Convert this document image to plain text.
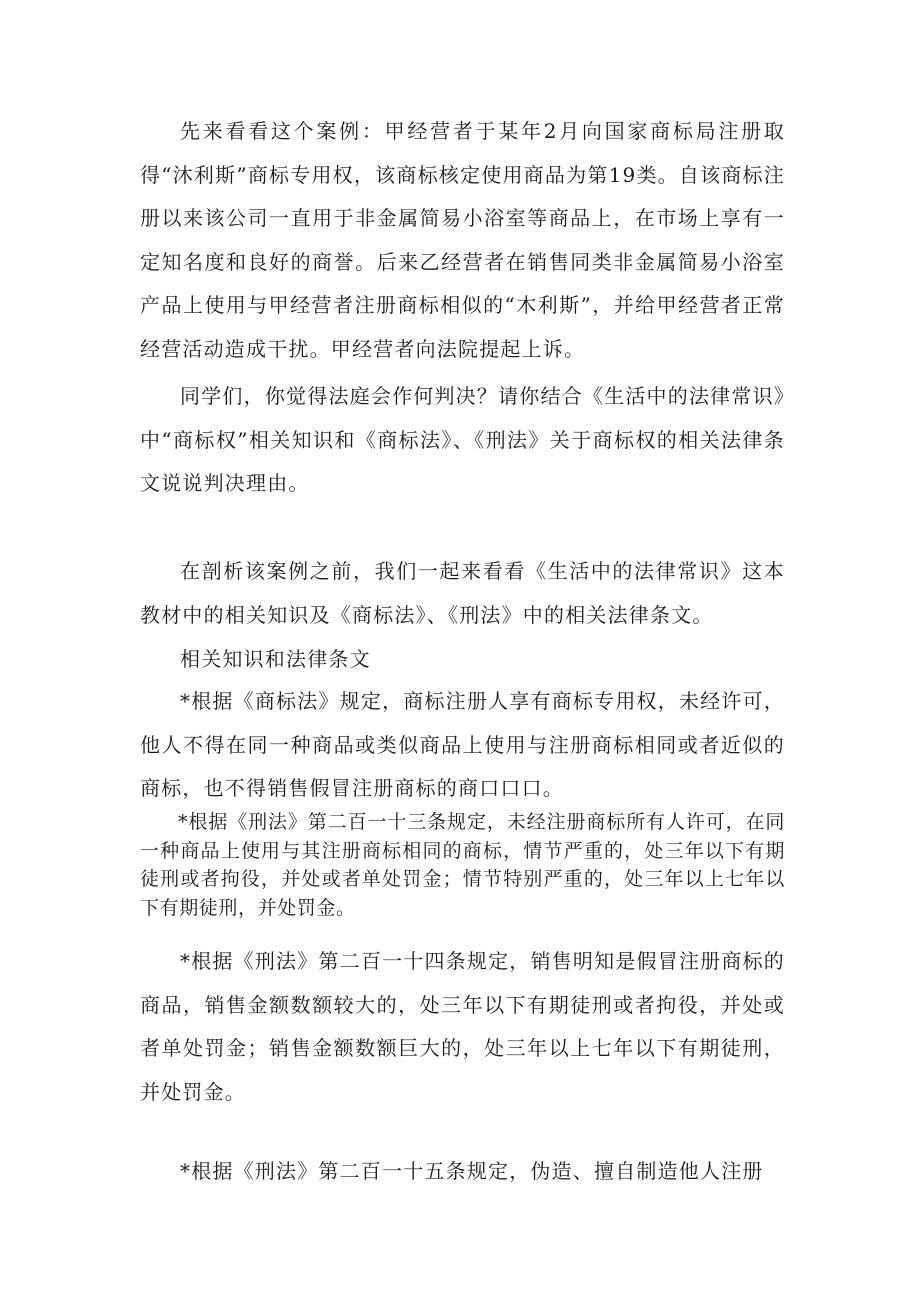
先来看看这个案例：甲经营者于某年2月向国家商标局注册取得“沐利斯”商标专用权，该商标核定使用商品为第19类。自该商标注册以来该公司一直用于非金属简易小浴室等商品上，在市场上享有一定知名度和良好的商誉。后来乙经营者在销售同类非金属简易小浴室产品上使用与甲经营者注册商标相似的“木利斯”，并给甲经营者正常经营活动造成干扰。甲经营者向法院提起上诉。

同学们，你觉得法庭会作何判决？请你结合《生活中的法律常识》中“商标权”相关知识和《商标法》、《刑法》关于商标权的相关法律条文说说判决理由。

在剖析该案例之前，我们一起来看看《生活中的法律常识》这本教材中的相关知识及《商标法》、《刑法》中的相关法律条文。

相关知识和法律条文

*根据《商标法》规定，商标注册人享有商标专用权，未经许可，他人不得在同一种商品或类似商品上使用与注册商标相同或者近似的商标，也不得销售假冒注册商标的商口口口。

*根据《刑法》第二百一十三条规定，未经注册商标所有人许可，在同一种商品上使用与其注册商标相同的商标，情节严重的，处三年以下有期徒刑或者拘役，并处或者单处罚金；情节特别严重的，处三年以上七年以下有期徒刑，并处罚金。

*根据《刑法》第二百一十四条规定，销售明知是假冒注册商标的商品，销售金额数额较大的，处三年以下有期徒刑或者拘役，并处或者单处罚金；销售金额数额巨大的，处三年以上七年以下有期徒刑，并处罚金。

*根据《刑法》第二百一十五条规定，伪造、擅自制造他人注册
